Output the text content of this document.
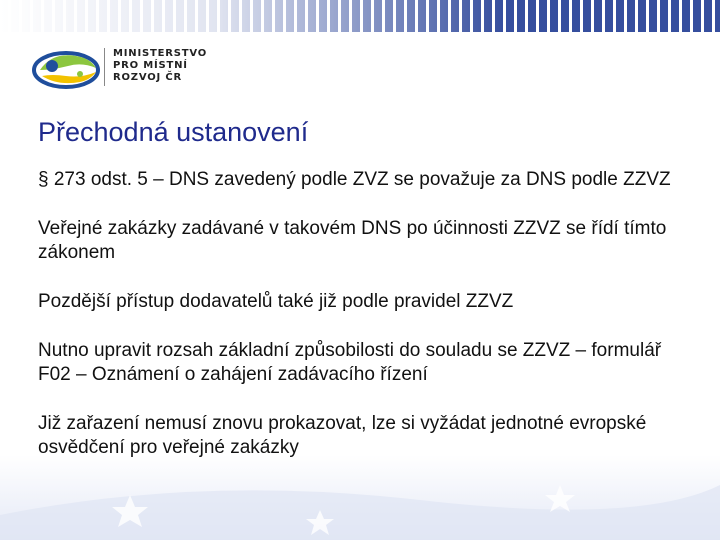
MINISTERSTVO
PRO MÍSTNÍ
ROZVOJ ČR
Přechodná ustanovení

§ 273 odst. 5 – DNS zavedený podle ZVZ se považuje za DNS podle ZZVZ

Veřejné zakázky zadávané v takovém DNS po účinnosti ZZVZ se řídí tímto zákonem

Pozdější přístup dodavatelů také již podle pravidel ZZVZ

Nutno upravit rozsah základní způsobilosti do souladu se ZZVZ – formulář F02 – Oznámení o zahájení zadávacího řízení

Již zařazení nemusí znovu prokazovat, lze si vyžádat jednotné evropské osvědčení pro veřejné zakázky
